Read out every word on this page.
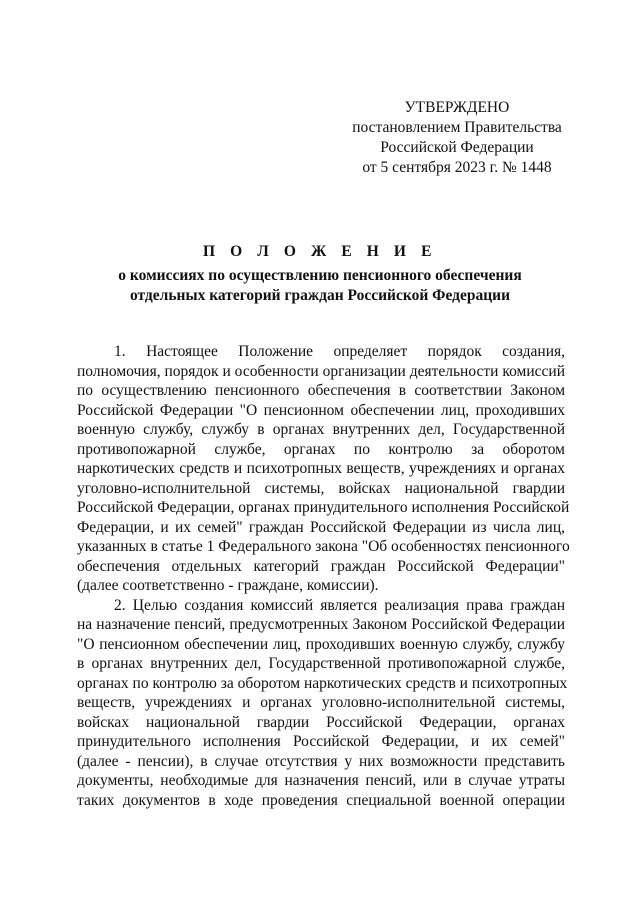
УТВЕРЖДЕНО
постановлением Правительства
Российской Федерации
от 5 сентября 2023 г. № 1448
П О Л О Ж Е Н И Е
о комиссиях по осуществлению пенсионного обеспечения
отдельных категорий граждан Российской Федерации
1. Настоящее Положение определяет порядок создания,
полномочия, порядок и особенности организации деятельности комиссий
по осуществлению пенсионного обеспечения в соответствии Законом
Российской Федерации "О пенсионном обеспечении лиц, проходивших
военную службу, службу в органах внутренних дел, Государственной
противопожарной службе, органах по контролю за оборотом
наркотических средств и психотропных веществ, учреждениях и органах
уголовно-исполнительной системы, войсках национальной гвардии
Российской Федерации, органах принудительного исполнения Российской
Федерации, и их семей" граждан Российской Федерации из числа лиц,
указанных в статье 1 Федерального закона "Об особенностях пенсионного
обеспечения отдельных категорий граждан Российской Федерации"
(далее соответственно - граждане, комиссии).
2. Целью создания комиссий является реализация права граждан
на назначение пенсий, предусмотренных Законом Российской Федерации
"О пенсионном обеспечении лиц, проходивших военную службу, службу
в органах внутренних дел, Государственной противопожарной службе,
органах по контролю за оборотом наркотических средств и психотропных
веществ, учреждениях и органах уголовно-исполнительной системы,
войсках национальной гвардии Российской Федерации, органах
принудительного исполнения Российской Федерации, и их семей"
(далее - пенсии), в случае отсутствия у них возможности представить
документы, необходимые для назначения пенсий, или в случае утраты
таких документов в ходе проведения специальной военной операции
